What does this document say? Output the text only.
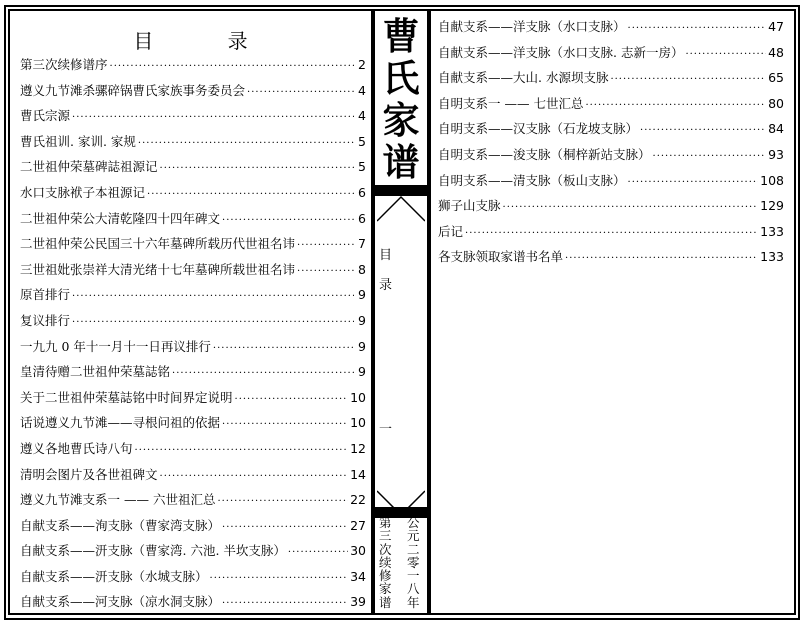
目 录
第三次续修谱序 ·····	2
遵义九节滩杀骡碎锅曹氏家族事务委员会 ·····	4
曹氏宗源 ·····	4
曹氏祖训. 家训. 家规 ·····	5
二世祖仲荣墓碑誌祖源记 ·····	5
水口支脉袱子本祖源记 ·····	6
二世祖仲荣公大清乾隆四十四年碑文 ·····	6
二世祖仲荣公民国三十六年墓碑所载历代世祖名讳 ·····	7
三世祖妣张崇祥大清光绪十七年墓碑所载世祖名讳 ·····	8
原首排行 ·····	9
复议排行 ·····	9
一九九 0 年十一月十一日再议排行 ·····	9
皇清待赠二世祖仲荣墓誌铭 ·····	9
关于二世祖仲荣墓誌铭中时间界定说明 ·····	10
话说遵义九节滩——寻根问祖的依据 ·····	10
遵义各地曹氏诗八句 ·····	12
清明会图片及各世祖碑文 ·····	14
遵义九节滩支系一 —— 六世祖汇总 ·····	22
自献支系——洵支脉（曹家湾支脉） ·····	27
自献支系——汧支脉（曹家湾. 六池. 半坎支脉） ·····	30
自献支系——汧支脉（水城支脉） ·····	34
自献支系——河支脉（凉水洞支脉） ·····	39
曹
氏
家
谱
目
录
一
第
三
次
续
修
家
谱
公
元
二
零
一
八
年
自献支系——洋支脉（水口支脉） ·····	47
自献支系——洋支脉（水口支脉. 志新一房） ·····	48
自献支系——大山. 水源坝支脉 ·····	65
自明支系一 —— 七世汇总 ·····	80
自明支系——汉支脉（石龙坡支脉） ·····	84
自明支系——浚支脉（桐梓新站支脉） ·····	93
自明支系——清支脉（板山支脉） ·····	108
狮子山支脉 ·····	129
后记 ·····	133
各支脉领取家谱书名单 ·····	133
